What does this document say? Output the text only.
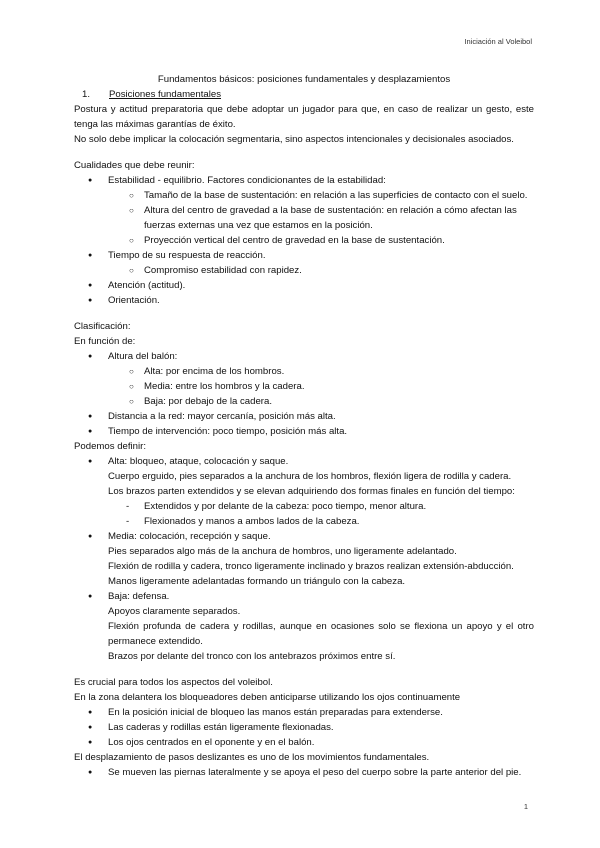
Iniciación al Voleibol

Fundamentos básicos: posiciones fundamentales y desplazamientos

1. Posiciones fundamentales

Postura y actitud preparatoria que debe adoptar un jugador para que, en caso de realizar un gesto, este tenga las máximas garantías de éxito.

No solo debe implicar la colocación segmentaria, sino aspectos intencionales y decisionales asociados.

Cualidades que debe reunir:

● Estabilidad - equilibrio. Factores condicionantes de la estabilidad:
○ Tamaño de la base de sustentación: en relación a las superficies de contacto con el suelo.
○ Altura del centro de gravedad a la base de sustentación: en relación a cómo afectan las fuerzas externas una vez que estamos en la posición.
○ Proyección vertical del centro de gravedad en la base de sustentación.
● Tiempo de su respuesta de reacción.
○ Compromiso estabilidad con rapidez.
● Atención (actitud).
● Orientación.

Clasificación:

En función de:

● Altura del balón:
○ Alta: por encima de los hombros.
○ Media: entre los hombros y la cadera.
○ Baja: por debajo de la cadera.
● Distancia a la red: mayor cercanía, posición más alta.
● Tiempo de intervención: poco tiempo, posición más alta.

Podemos definir:

● Alta: bloqueo, ataque, colocación y saque.
Cuerpo erguido, pies separados a la anchura de los hombros, flexión ligera de rodilla y cadera.
Los brazos parten extendidos y se elevan adquiriendo dos formas finales en función del tiempo:
- Extendidos y por delante de la cabeza: poco tiempo, menor altura.
- Flexionados y manos a ambos lados de la cabeza.
● Media: colocación, recepción y saque.
Pies separados algo más de la anchura de hombros, uno ligeramente adelantado.
Flexión de rodilla y cadera, tronco ligeramente inclinado y brazos realizan extensión-abducción.
Manos ligeramente adelantadas formando un triángulo con la cabeza.
● Baja: defensa.
Apoyos claramente separados.
Flexión profunda de cadera y rodillas, aunque en ocasiones solo se flexiona un apoyo y el otro permanece extendido.
Brazos por delante del tronco con los antebrazos próximos entre sí.

Es crucial para todos los aspectos del voleibol.

En la zona delantera los bloqueadores deben anticiparse utilizando los ojos continuamente

● En la posición inicial de bloqueo las manos están preparadas para extenderse.
● Las caderas y rodillas están ligeramente flexionadas.
● Los ojos centrados en el oponente y en el balón.

El desplazamiento de pasos deslizantes es uno de los movimientos fundamentales.

● Se mueven las piernas lateralmente y se apoya el peso del cuerpo sobre la parte anterior del pie.
1
